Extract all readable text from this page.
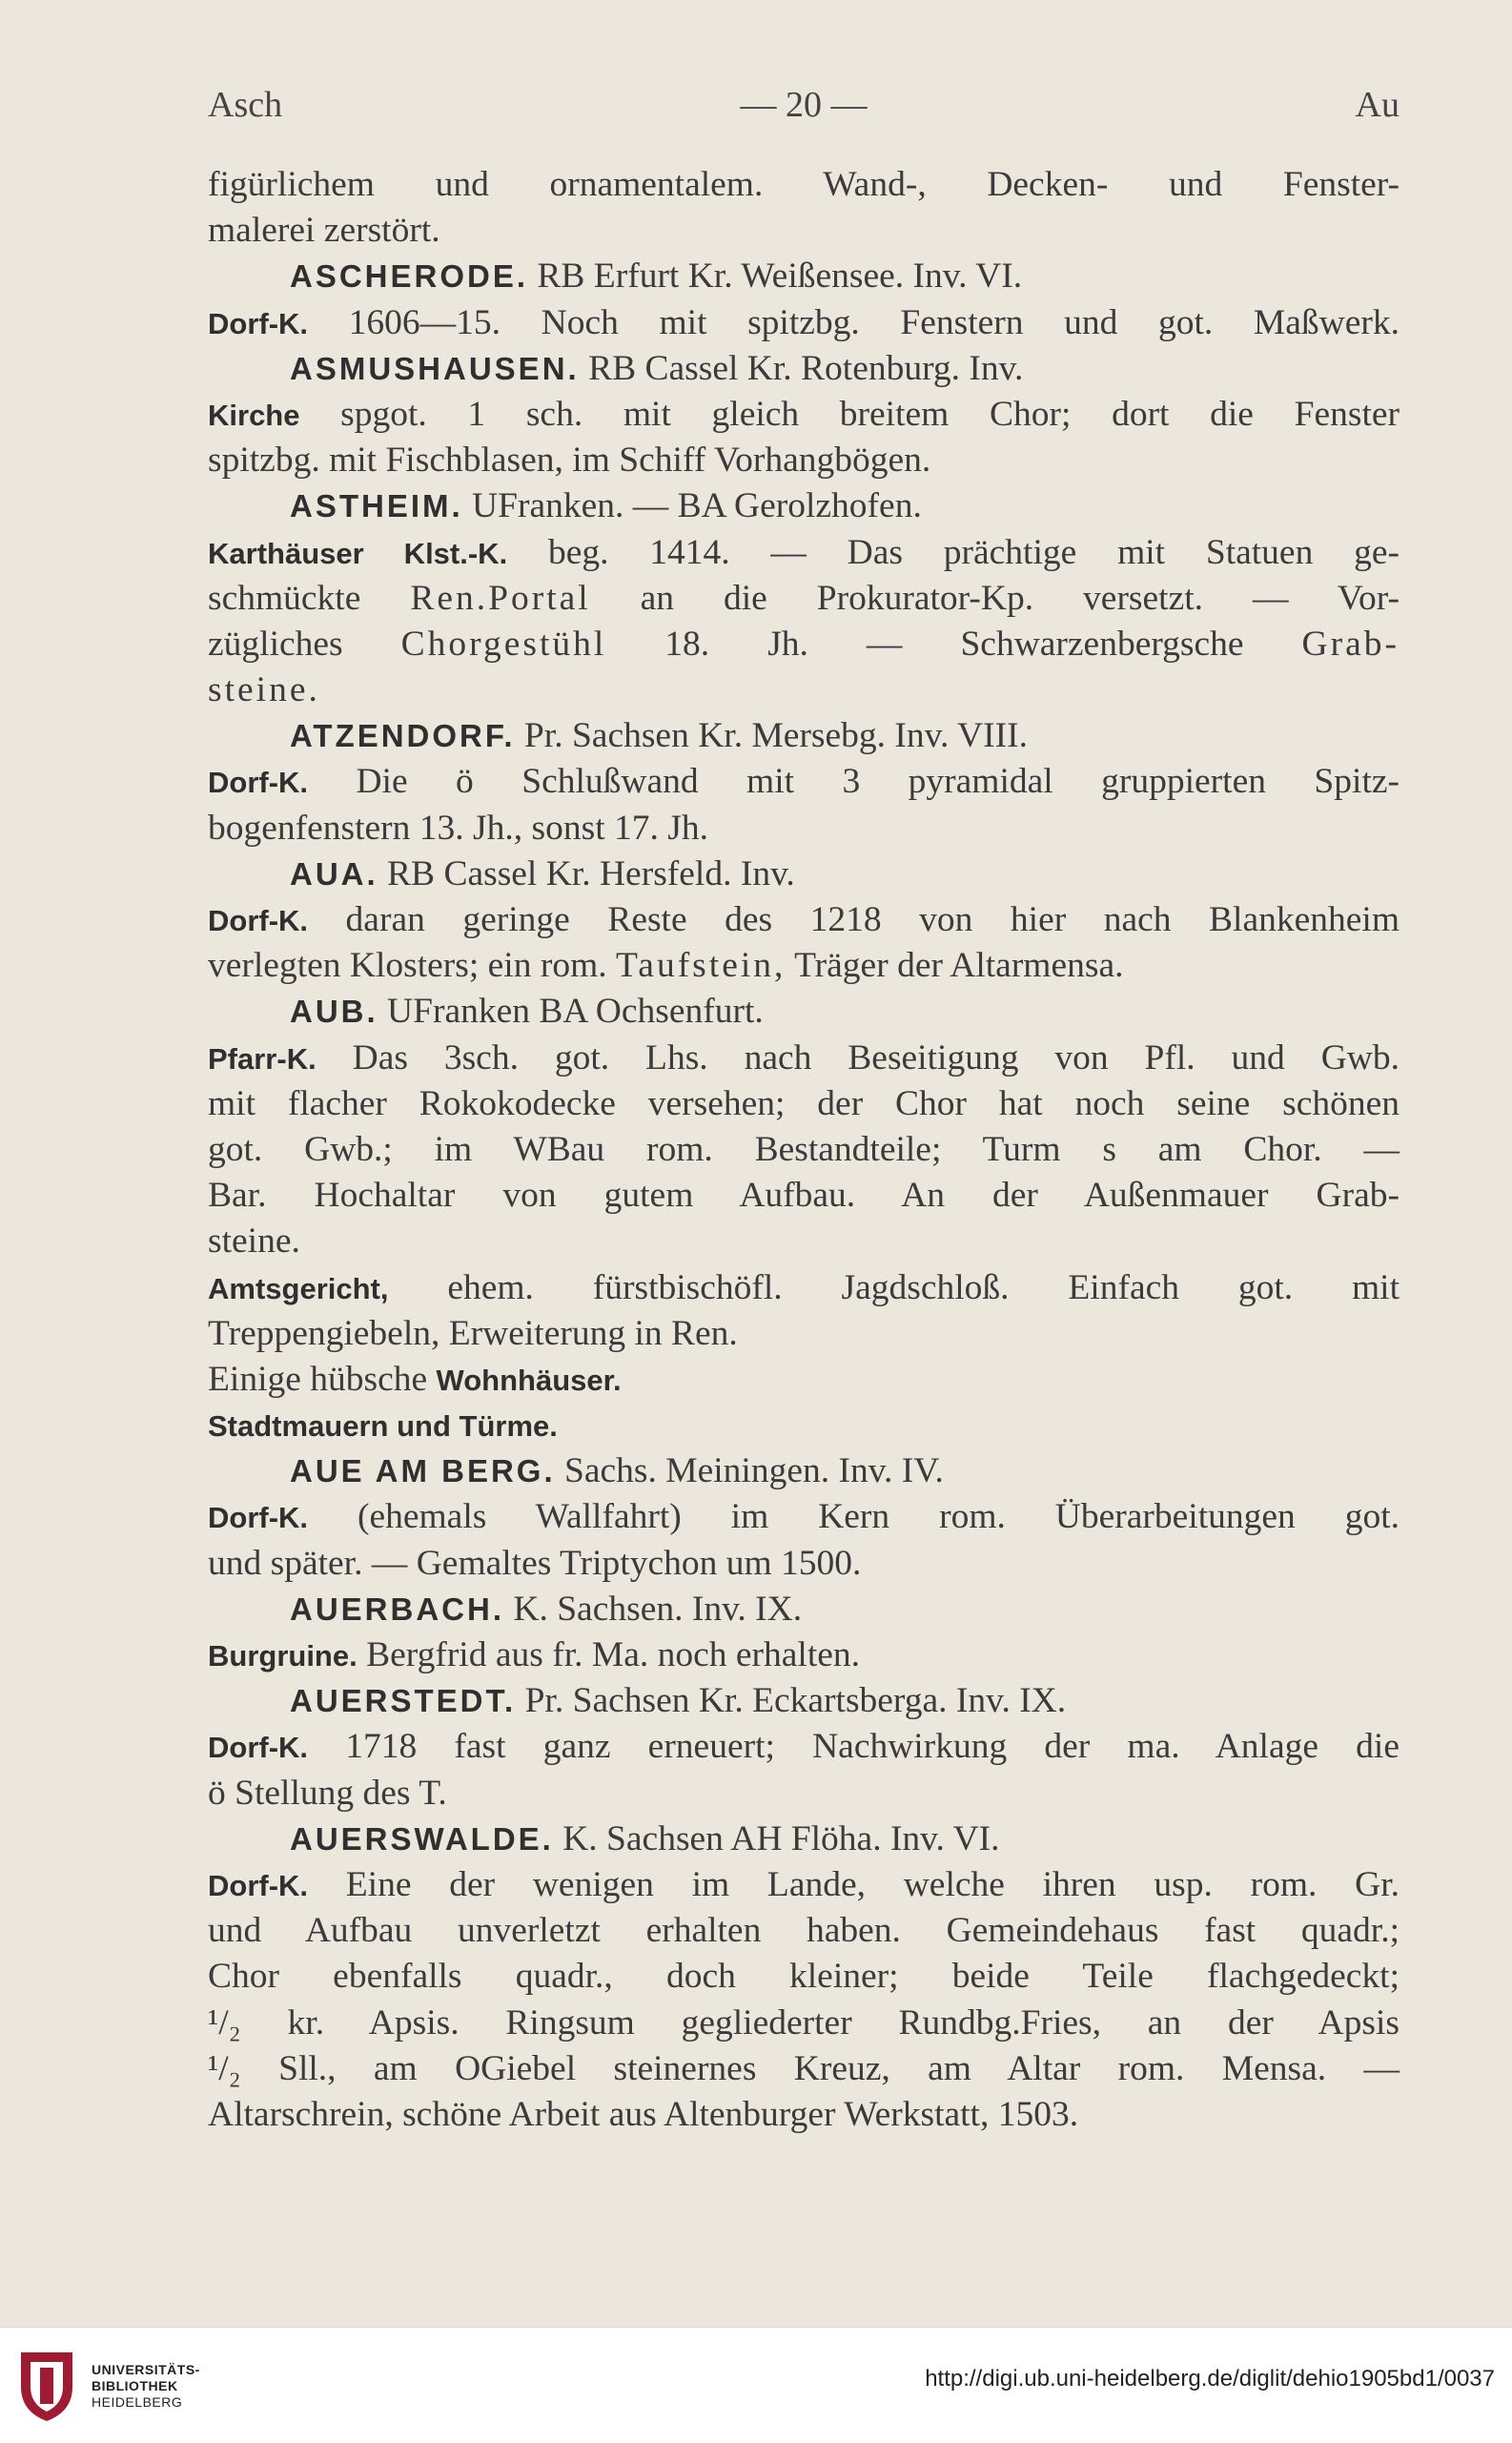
Asch	— 20 —	Au
figürlichem und ornamentalem. Wand-, Decken- und Fenster-
malerei zerstört.
ASCHERODE. RB Erfurt Kr. Weißensee. Inv. VI.
Dorf-K. 1606—15. Noch mit spitzbg. Fenstern und got. Maßwerk.
ASMUSHAUSEN. RB Cassel Kr. Rotenburg. Inv.
Kirche spgot. 1 sch. mit gleich breitem Chor; dort die Fenster
spitzbg. mit Fischblasen, im Schiff Vorhangbögen.
ASTHEIM. UFranken. — BA Gerolzhofen.
Karthäuser Klst.-K. beg. 1414. — Das prächtige mit Statuen ge-
schmückte Ren.Portal an die Prokurator-Kp. versetzt. — Vor-
zügliches Chorgestühl 18. Jh. — Schwarzenbergsche Grab-
steine.
ATZENDORF. Pr. Sachsen Kr. Mersebg. Inv. VIII.
Dorf-K. Die ö Schlußwand mit 3 pyramidal gruppierten Spitz-
bogenfenstern 13. Jh., sonst 17. Jh.
AUA. RB Cassel Kr. Hersfeld. Inv.
Dorf-K. daran geringe Reste des 1218 von hier nach Blankenheim
verlegten Klosters; ein rom. Taufstein, Träger der Altarmensa.
AUB. UFranken BA Ochsenfurt.
Pfarr-K. Das 3sch. got. Lhs. nach Beseitigung von Pfl. und Gwb.
mit flacher Rokokodecke versehen; der Chor hat noch seine schönen
got. Gwb.; im WBau rom. Bestandteile; Turm s am Chor. —
Bar. Hochaltar von gutem Aufbau. An der Außenmauer Grab-
steine.
Amtsgericht, ehem. fürstbischöfl. Jagdschloß. Einfach got. mit
Treppengiebeln, Erweiterung in Ren.
Einige hübsche Wohnhäuser.
Stadtmauern und Türme.
AUE AM BERG. Sachs. Meiningen. Inv. IV.
Dorf-K. (ehemals Wallfahrt) im Kern rom. Überarbeitungen got.
und später. — Gemaltes Triptychon um 1500.
AUERBACH. K. Sachsen. Inv. IX.
Burgruine. Bergfrid aus fr. Ma. noch erhalten.
AUERSTEDT. Pr. Sachsen Kr. Eckartsberga. Inv. IX.
Dorf-K. 1718 fast ganz erneuert; Nachwirkung der ma. Anlage die
ö Stellung des T.
AUERSWALDE. K. Sachsen AH Flöha. Inv. VI.
Dorf-K. Eine der wenigen im Lande, welche ihren usp. rom. Gr.
und Aufbau unverletzt erhalten haben. Gemeindehaus fast quadr.;
Chor ebenfalls quadr., doch kleiner; beide Teile flachgedeckt;
¹/₂ kr. Apsis. Ringsum gegliederter Rundbg.Fries, an der Apsis
¹/₂ Sll., am OGiebel steinernes Kreuz, am Altar rom. Mensa. —
Altarschrein, schöne Arbeit aus Altenburger Werkstatt, 1503.
UNIVERSITÄTS-
BIBLIOTHEK
HEIDELBERG
http://digi.ub.uni-heidelberg.de/diglit/dehio1905bd1/0037
